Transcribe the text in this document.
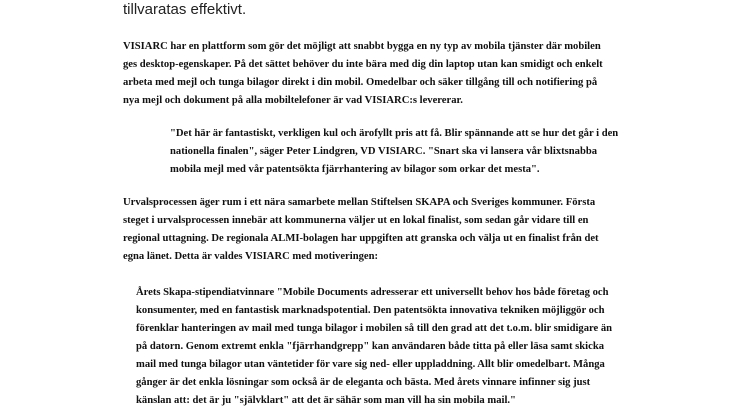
tillvaratas effektivt.

VISIARC har en plattform som gör det möjligt att snabbt bygga en ny typ av mobila tjänster där mobilen
ges desktop-egenskaper. På det sättet behöver du inte bära med dig din laptop utan kan smidigt och enkelt
arbeta med mejl och tunga bilagor direkt i din mobil. Omedelbar och säker tillgång till och notifiering på
nya mejl och dokument på alla mobiltelefoner är vad VISIARC:s levererar.

"Det här är fantastiskt, verkligen kul och ärofyllt pris att få. Blir spännande att se hur det går i den
nationella finalen", säger Peter Lindgren, VD VISIARC. "Snart ska vi lansera vår blixtsnabba
mobila mejl med vår patentsökta fjärrhantering av bilagor som orkar det mesta".

Urvalsprocessen äger rum i ett nära samarbete mellan Stiftelsen SKAPA och Sveriges kommuner. Första
steget i urvalsprocessen innebär att kommunerna väljer ut en lokal finalist, som sedan går vidare till en
regional uttagning. De regionala ALMI-bolagen har uppgiften att granska och välja ut en finalist från det
egna länet. Detta är valdes VISIARC med motiveringen:

Årets Skapa-stipendiatvinnare "Mobile Documents adresserar ett universellt behov hos både företag och
konsumenter, med en fantastisk marknadspotential. Den patentsökta innovativa tekniken möjliggör och
förenklar hanteringen av mail med tunga bilagor i mobilen så till den grad att det t.o.m. blir smidigare än
på datorn. Genom extremt enkla "fjärrhandgrepp" kan användaren både titta på eller läsa samt skicka
mail med tunga bilagor utan väntetider för vare sig ned- eller uppladdning. Allt blir omedelbart. Många
gånger är det enkla lösningar som också är de eleganta och bästa. Med årets vinnare infinner sig just
känslan att: det är ju "självklart" att det är sähär som man vill ha sin mobila mail."
